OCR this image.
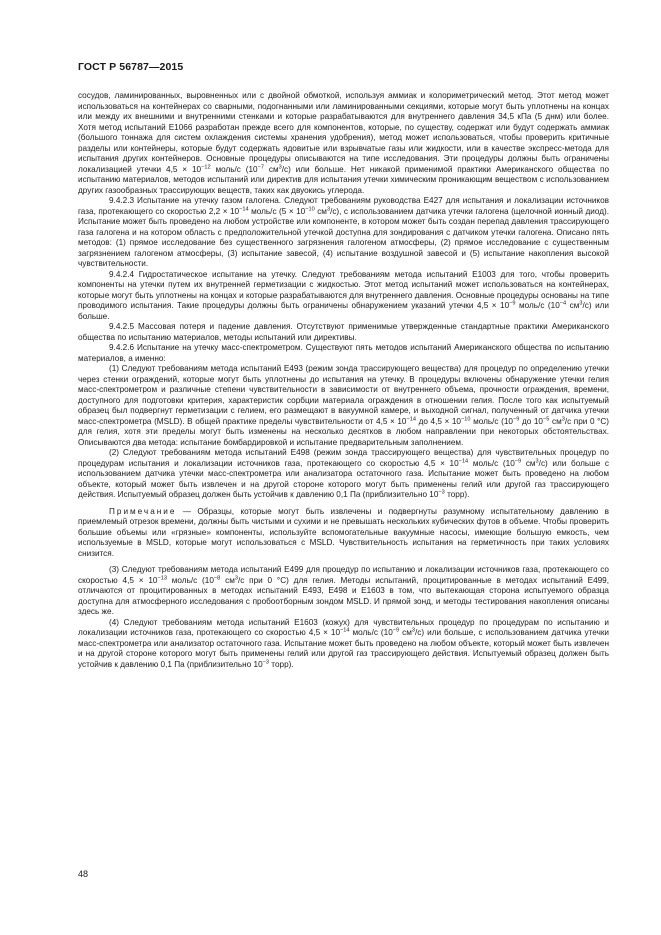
ГОСТ Р 56787—2015

сосудов, ламинированных, выровненных или с двойной обмоткой, используя аммиак и колориметрический метод. Этот метод может использоваться на контейнерах со сварными, подогнанными или ламинированными секциями, которые могут быть уплотнены на концах или между их внешними и внутренними стенками и которые разрабатываются для внутреннего давления 34,5 кПа (5 днм) или более. Хотя метод испытаний E1066 разработан прежде всего для компонентов, которые, по существу, содержат или будут содержать аммиак (большого тоннажа для систем охлаждения системы хранения удобрения), метод может использоваться, чтобы проверить критичные разделы или контейнеры, которые будут содержать ядовитые или взрывчатые газы или жидкости, или в качестве экспресс-метода для испытания других контейнеров. Основные процедуры описываются на типе исследования. Эти процедуры должны быть ограничены локализацией утечки $4,5 \times 10^{-12}$ моль/с ($10^{-7}$ $см^3/с$) или больше. Нет никакой применимой практики Американского общества по испытанию материалов, методов испытаний или директив для испытания утечки химическим проникающим веществом с использованием других газообразных трассирующих веществ, таких как двуокись углерода.

9.4.2.3 Испытание на утечку газом галогена. Следуют требованиям руководства E427 для испытания и локализации источников газа, протекающего со скоростью $2,2 \times 10^{-14}$ моль/с ($5 \times 10^{-10}$ $см^3/с$), с использованием датчика утечки галогена (щелочной ионный диод). Испытание может быть проведено на любом устройстве или компоненте, в котором может быть создан перепад давления трассирующего газа галогена и на котором область с предположительной утечкой доступна для зондирования с датчиком утечки галогена. Описано пять методов: (1) прямое исследование без существенного загрязнения галогеном атмосферы, (2) прямое исследование с существенным загрязнением галогеном атмосферы, (3) испытание завесой, (4) испытание воздушной завесой и (5) испытание накопления высокой чувствительности.

9.4.2.4 Гидростатическое испытание на утечку. Следуют требованиям метода испытаний E1003 для того, чтобы проверить компоненты на утечки путем их внутренней герметизации с жидкостью. Этот метод испытаний может использоваться на контейнерах, которые могут быть уплотнены на концах и которые разрабатываются для внутреннего давления. Основные процедуры основаны на типе проводимого испытания. Такие процедуры должны быть ограничены обнаружением указаний утечки $4,5 \times 10^{-9}$ моль/с ($10^{-4}$ $см^3/с$) или больше.

9.4.2.5 Массовая потеря и падение давления. Отсутствуют применимые утвержденные стандартные практики Американского общества по испытанию материалов, методы испытаний или директивы.

9.4.2.6 Испытание на утечку масс-спектрометром. Существуют пять методов испытаний Американского общества по испытанию материалов, а именно:

(1) Следуют требованиям метода испытаний E493 (режим зонда трассирующего вещества) для процедур по определению утечки через стенки ограждений, которые могут быть уплотнены до испытания на утечку. В процедуры включены обнаружение утечки гелия масс-спектрометром и различные степени чувствительности в зависимости от внутреннего объема, прочности ограждения, времени, доступного для подготовки критерия, характеристик сорбции материала ограждения в отношении гелия. После того как испытуемый образец был подвергнут герметизации с гелием, его размещают в вакуумной камере, и выходной сигнал, полученный от датчика утечки масс-спектрометра (MSLD). В общей практике пределы чувствительности от $4,5 \times 10^{-14}$ до $4,5 \times 10^{-10}$ моль/с ($10^{-9}$ до $10^{-5}$ $см^3/с$ при 0 °С) для гелия, хотя эти пределы могут быть изменены на несколько десятков в любом направлении при некоторых обстоятельствах. Описываются два метода: испытание бомбардировкой и испытание предварительным заполнением.

(2) Следуют требованиям метода испытаний E498 (режим зонда трассирующего вещества) для чувствительных процедур по процедурам испытания и локализации источников газа, протекающего со скоростью $4,5 \times 10^{-14}$ моль/с ($10^{-9}$ $см^3/с$) или больше с использованием датчика утечки масс-спектрометра или анализатора остаточного газа. Испытание может быть проведено на любом объекте, который может быть извлечен и на другой стороне которого могут быть применены гелий или другой газ трассирующего действия. Испытуемый образец должен быть устойчив к давлению 0,1 Па (приблизительно $10^{-3}$ торр).

Примечание — Образцы, которые могут быть извлечены и подвергнуты разумному испытательному давлению в приемлемый отрезок времени, должны быть чистыми и сухими и не превышать нескольких кубических футов в объеме. Чтобы проверить большие объемы или «грязные» компоненты, используйте вспомогательные вакуумные насосы, имеющие большую емкость, чем используемые в MSLD, которые могут использоваться с MSLD. Чувствительность испытания на герметичность при таких условиях снизится.

(3) Следуют требованиям метода испытаний E499 для процедур по испытанию и локализации источников газа, протекающего со скоростью $4,5 \times 10^{-13}$ моль/с ($10^{-8}$ $см^3/с$ при 0 °С) для гелия. Методы испытаний, процитированные в методах испытаний E499, отличаются от процитированных в методах испытаний E493, E498 и E1603 в том, что вытекающая сторона испытуемого образца доступна для атмосферного исследования с пробоотборным зондом MSLD. И прямой зонд, и методы тестирования накопления описаны здесь же.

(4) Следуют требованиям метода испытаний E1603 (кожух) для чувствительных процедур по процедурам по испытанию и локализации источников газа, протекающего со скоростью $4,5 \times 10^{-14}$ моль/с ($10^{-9}$ $см^3/с$) или больше, с использованием датчика утечки масс-спектрометра или анализатор остаточного газа. Испытание может быть проведено на любом объекте, который может быть извлечен и на другой стороне которого могут быть применены гелий или другой газ трассирующего действия. Испытуемый образец должен быть устойчив к давлению 0,1 Па (приблизительно $10^{-3}$ торр).

48
